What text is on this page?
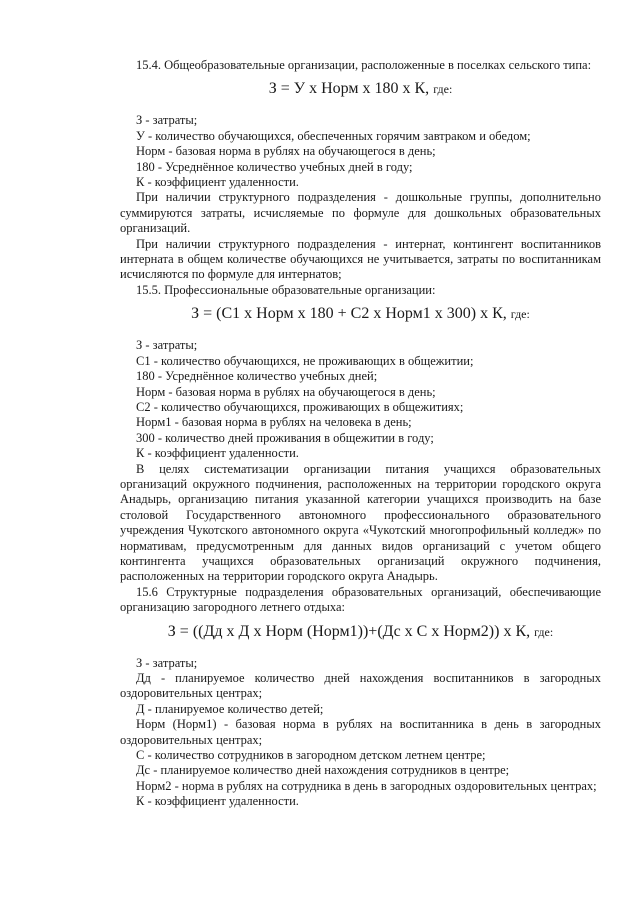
15.4. Общеобразовательные организации, расположенные в поселках сельского типа:

З = У х Норм х 180 х К, где:

З - затраты;

У - количество обучающихся, обеспеченных горячим завтраком и обедом;

Норм - базовая норма в рублях на обучающегося в день;

180 - Усреднённое количество учебных дней в году;

К - коэффициент удаленности.

При наличии структурного подразделения - дошкольные группы, дополнительно суммируются затраты, исчисляемые по формуле для дошкольных образовательных организаций.

При наличии структурного подразделения - интернат, контингент воспитанников интерната в общем количестве обучающихся не учитывается, затраты по воспитанникам исчисляются по формуле для интернатов;

15.5. Профессиональные образовательные организации:

З = (С1 х Норм х 180 + С2 х Норм1 х 300) х К, где:

З - затраты;

С1 - количество обучающихся, не проживающих в общежитии;

180 - Усреднённое количество учебных дней;

Норм - базовая норма в рублях на обучающегося в день;

С2 - количество обучающихся, проживающих в общежитиях;

Норм1 - базовая норма в рублях на человека в день;

300 - количество дней проживания в общежитии в году;

К - коэффициент удаленности.

В целях систематизации организации питания учащихся образовательных организаций окружного подчинения, расположенных на территории городского округа Анадырь, организацию питания указанной категории учащихся производить на базе столовой Государственного автономного профессионального образовательного учреждения Чукотского автономного округа «Чукотский многопрофильный колледж» по нормативам, предусмотренным для данных видов организаций с учетом общего контингента учащихся образовательных организаций окружного подчинения, расположенных на территории городского округа Анадырь.

15.6 Структурные подразделения образовательных организаций, обеспечивающие организацию загородного летнего отдыха:

З = ((Дд х Д х Норм (Норм1))+(Дс х С х Норм2)) х К, где:

З - затраты;

Дд - планируемое количество дней нахождения воспитанников в загородных оздоровительных центрах;

Д - планируемое количество детей;

Норм (Норм1) - базовая норма в рублях на воспитанника в день в загородных оздоровительных центрах;

С - количество сотрудников в загородном детском летнем центре;

Дс - планируемое количество дней нахождения сотрудников в центре;

Норм2 - норма в рублях на сотрудника в день в загородных оздоровительных центрах;

К - коэффициент удаленности.
